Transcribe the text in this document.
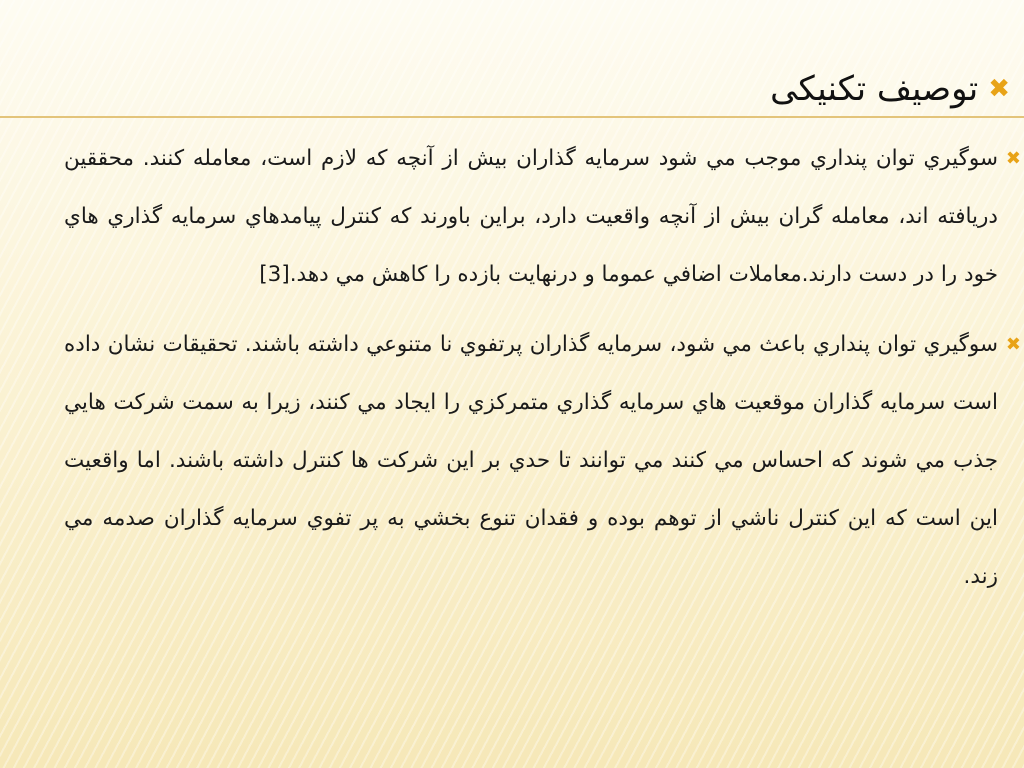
✖
توصيف تكنيكى

✖
سوگيري توان پنداري موجب مي شود سرمايه گذاران بيش از آنچه كه لازم است، معامله كنند. محققين دريافته اند، معامله گران بيش از آنچه واقعيت دارد، براين باورند كه كنترل پيامدهاي سرمايه گذاري هاي خود را در دست دارند.معاملات اضافي عموما و درنهايت بازده را كاهش مي دهد.[3]

✖
سوگيري توان پنداري باعث مي شود، سرمايه گذاران پرتفوي نا متنوعي داشته باشند. تحقيقات نشان داده است سرمايه گذاران موقعيت هاي سرمايه گذاري متمركزي را ايجاد مي كنند، زيرا به سمت شركت هايي جذب مي شوند كه احساس مي كنند مي توانند تا حدي بر اين شركت ها كنترل داشته باشند. اما واقعيت اين است كه اين كنترل ناشي از توهم بوده و فقدان تنوع بخشي به پر تفوي سرمايه گذاران صدمه مي زند.
